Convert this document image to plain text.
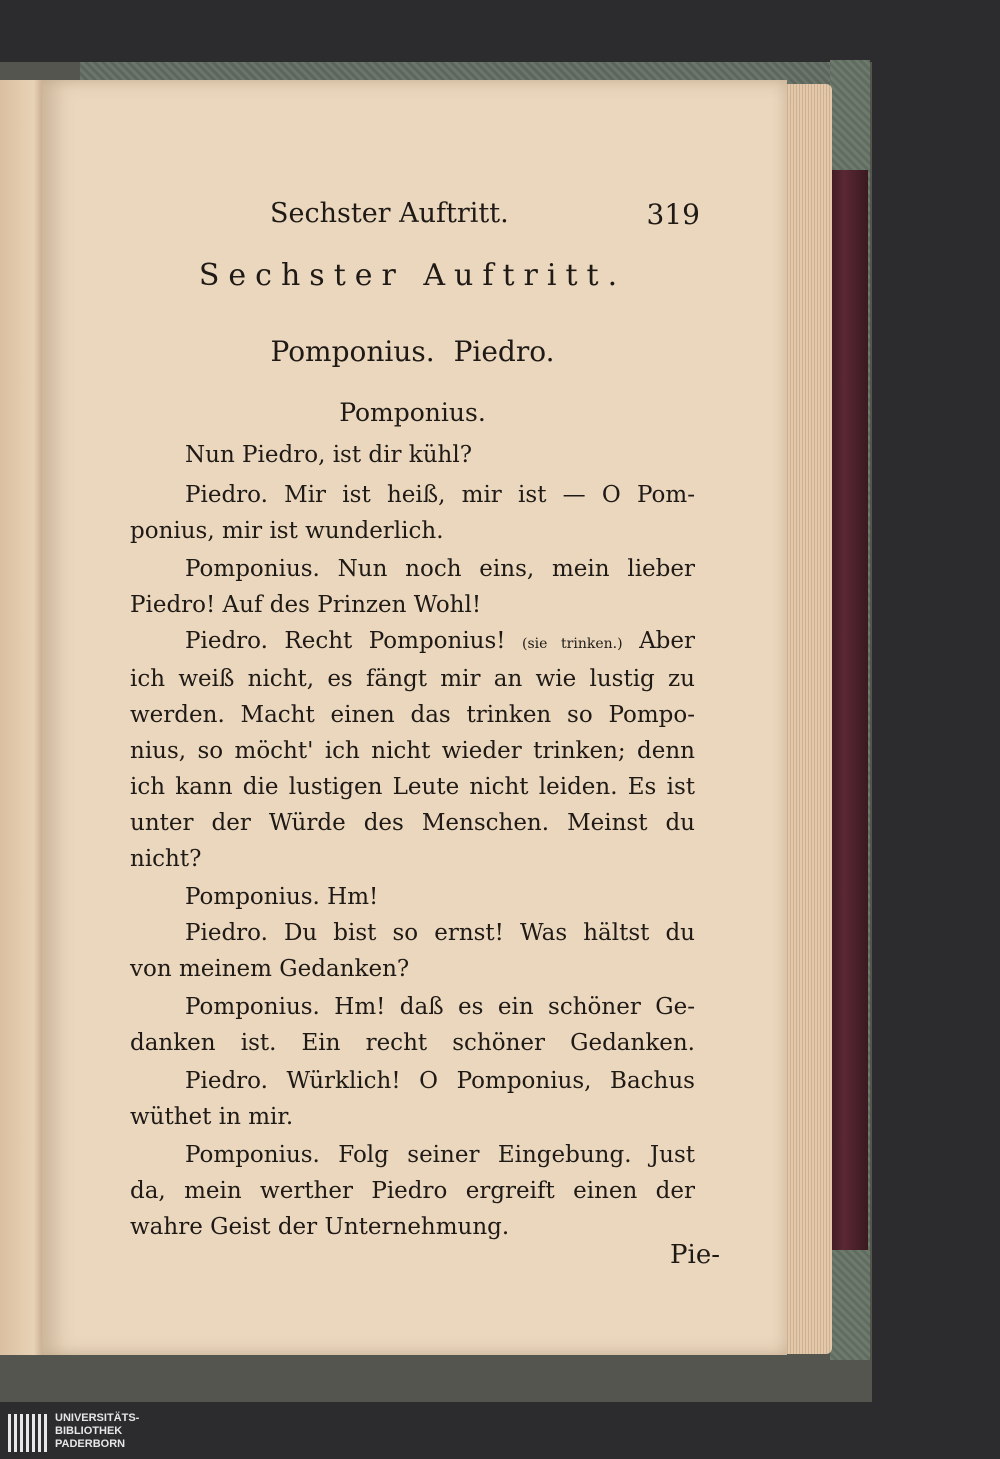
Sechster Auftritt.	319
Sechster Auftritt.
Pomponius. Piedro.
Pomponius.
Nun Piedro, ist dir kühl?
Piedro. Mir ist heiß, mir ist — O Pom-
ponius, mir ist wunderlich.
Pomponius. Nun noch eins, mein lieber
Piedro! Auf des Prinzen Wohl!
Piedro. Recht Pomponius! (sie trinken.) Aber
ich weiß nicht, es fängt mir an wie lustig zu
werden. Macht einen das trinken so Pompo-
nius, so möcht' ich nicht wieder trinken; denn
ich kann die lustigen Leute nicht leiden. Es ist
unter der Würde des Menschen. Meinst du
nicht?
Pomponius. Hm!
Piedro. Du bist so ernst! Was hältst du
von meinem Gedanken?
Pomponius. Hm! daß es ein schöner Ge-
danken ist. Ein recht schöner Gedanken.
Piedro. Würklich! O Pomponius, Bachus
wüthet in mir.
Pomponius. Folg seiner Eingebung. Just
da, mein werther Piedro ergreift einen der
wahre Geist der Unternehmung.
Pie-
UNIVERSITÄTS-
BIBLIOTHEK
PADERBORN
